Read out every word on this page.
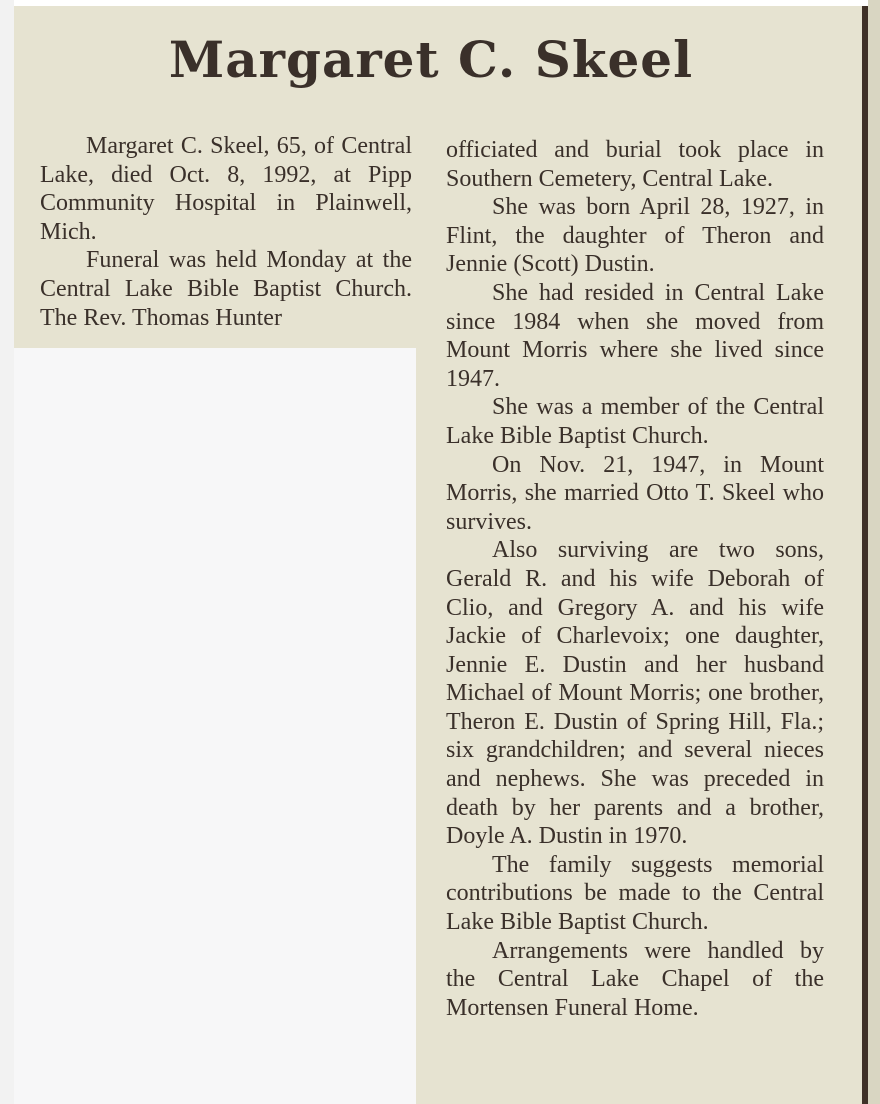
Margaret C. Skeel

Margaret C. Skeel, 65, of Central Lake, died Oct. 8, 1992, at Pipp Community Hospital in Plainwell, Mich.

Funeral was held Monday at the Central Lake Bible Baptist Church. The Rev. Thomas Hunter

officiated and burial took place in Southern Cemetery, Central Lake.

She was born April 28, 1927, in Flint, the daughter of Theron and Jennie (Scott) Dustin.

She had resided in Central Lake since 1984 when she moved from Mount Morris where she lived since 1947.

She was a member of the Central Lake Bible Baptist Church.

On Nov. 21, 1947, in Mount Morris, she married Otto T. Skeel who survives.

Also surviving are two sons, Gerald R. and his wife Deborah of Clio, and Gregory A. and his wife Jackie of Charlevoix; one daughter, Jennie E. Dustin and her husband Michael of Mount Morris; one brother, Theron E. Dustin of Spring Hill, Fla.; six grandchildren; and several nieces and nephews. She was preceded in death by her parents and a brother, Doyle A. Dustin in 1970.

The family suggests memorial contributions be made to the Central Lake Bible Baptist Church.

Arrangements were handled by the Central Lake Chapel of the Mortensen Funeral Home.
